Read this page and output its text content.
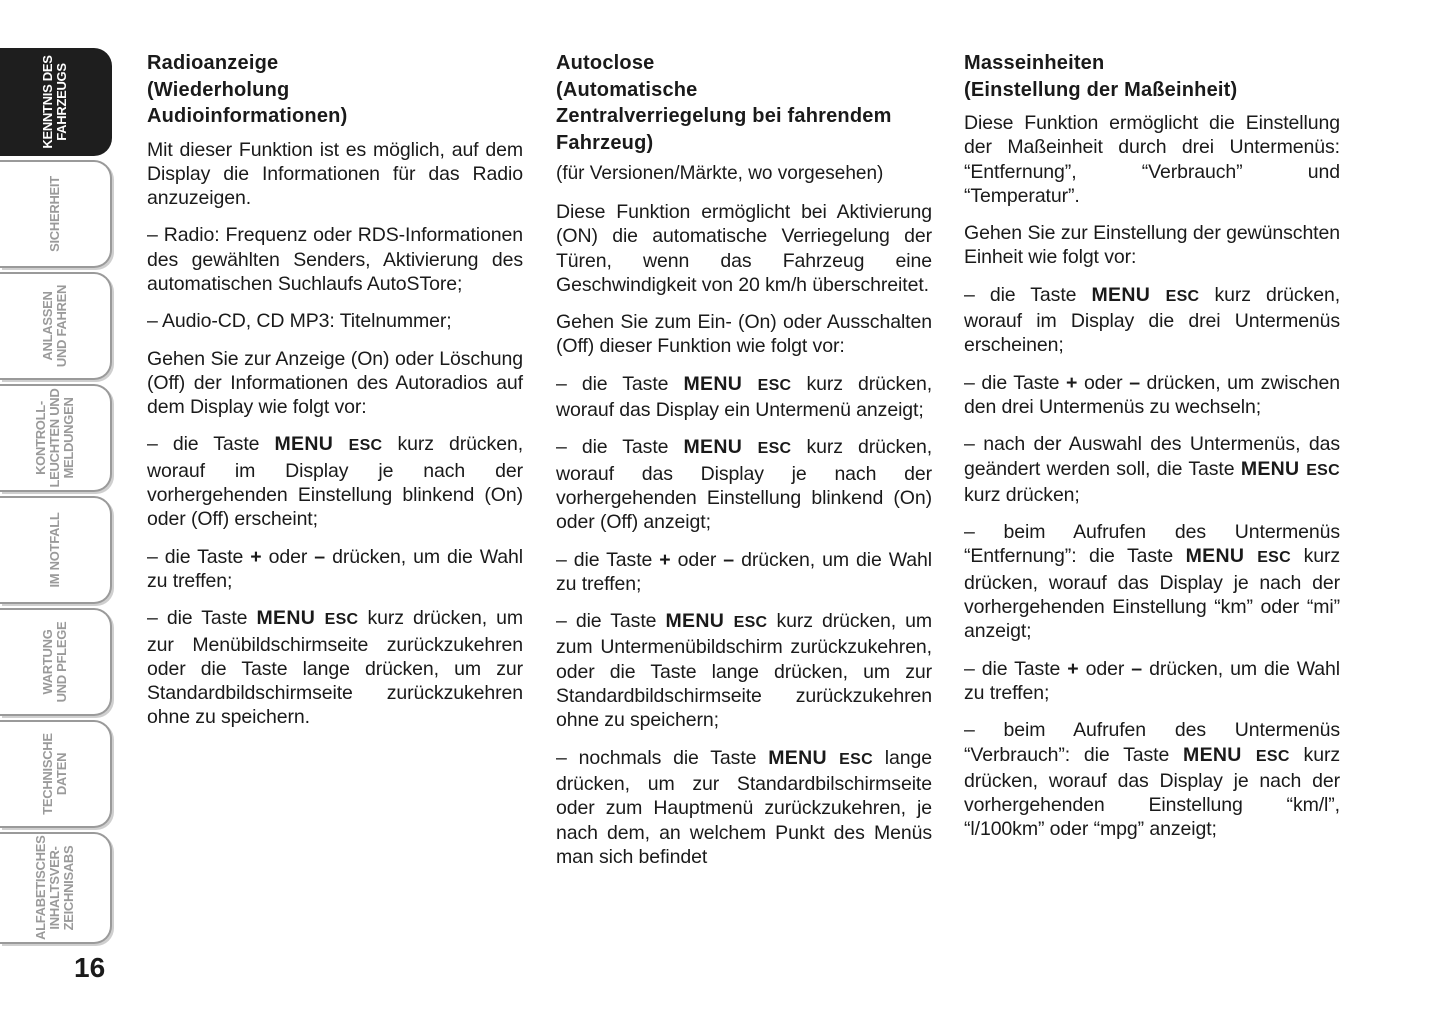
KENNTNIS DES
FAHRZEUGS
SICHERHEIT
ANLASSEN
UND FAHREN
KONTROLL-
LEUCHTEN UND
MELDUNGEN
IM NOTFALL
WARTUNG
UND PFLEGE
TECHNISCHE
DATEN
ALFABETISCHES
INHALTSVER-
ZEICHNISABS
16
Radioanzeige
(Wiederholung
Audioinformationen)

Mit dieser Funktion ist es möglich, auf dem Display die Informationen für das Radio anzuzeigen.

– Radio: Frequenz oder RDS-Informationen des gewählten Senders, Aktivierung des automatischen Suchlaufs AutoSTore;

– Audio-CD, CD MP3: Titelnummer;

Gehen Sie zur Anzeige (On) oder Löschung (Off) der Informationen des Autoradios auf dem Display wie folgt vor:

– die Taste MENU ESC kurz drücken, worauf im Display je nach der vorhergehenden Einstellung blinkend (On) oder (Off) erscheint;

– die Taste + oder – drücken, um die Wahl zu treffen;

– die Taste MENU ESC kurz drücken, um zur Menübildschirmseite zurückzukehren oder die Taste lange drücken, um zur Standardbildschirmseite zurückzukehren ohne zu speichern.

Autoclose
(Automatische
Zentralverriegelung bei fahrendem
Fahrzeug)

(für Versionen/Märkte, wo vorgesehen)

Diese Funktion ermöglicht bei Aktivierung (ON) die automatische Verriegelung der Türen, wenn das Fahrzeug eine Geschwindigkeit von 20 km/h überschreitet.

Gehen Sie zum Ein- (On) oder Ausschalten (Off) dieser Funktion wie folgt vor:

– die Taste MENU ESC kurz drücken, worauf das Display ein Untermenü anzeigt;

– die Taste MENU ESC kurz drücken, worauf das Display je nach der vorhergehenden Einstellung blinkend (On) oder (Off) anzeigt;

– die Taste + oder – drücken, um die Wahl zu treffen;

– die Taste MENU ESC kurz drücken, um zum Untermenübildschirm zurückzukehren, oder die Taste lange drücken, um zur Standardbildschirmseite zurückzukehren ohne zu speichern;

– nochmals die Taste MENU ESC lange drücken, um zur Standardbilschirmseite oder zum Hauptmenü zurückzukehren, je nach dem, an welchem Punkt des Menüs man sich befindet

Masseinheiten
(Einstellung der Maßeinheit)

Diese Funktion ermöglicht die Einstellung der Maßeinheit durch drei Untermenüs: “Entfernung”, “Verbrauch” und “Temperatur”.

Gehen Sie zur Einstellung der gewünschten Einheit wie folgt vor:

– die Taste MENU ESC kurz drücken, worauf im Display die drei Untermenüs erscheinen;

– die Taste + oder – drücken, um zwischen den drei Untermenüs zu wechseln;

– nach der Auswahl des Untermenüs, das geändert werden soll, die Taste MENU ESC kurz drücken;

– beim Aufrufen des Untermenüs “Entfernung”: die Taste MENU ESC kurz drücken, worauf das Display je nach der vorhergehenden Einstellung “km” oder “mi” anzeigt;

– die Taste + oder – drücken, um die Wahl zu treffen;

– beim Aufrufen des Untermenüs “Verbrauch”: die Taste MENU ESC kurz drücken, worauf das Display je nach der vorhergehenden Einstellung “km/l”, “l/100km” oder “mpg” anzeigt;
